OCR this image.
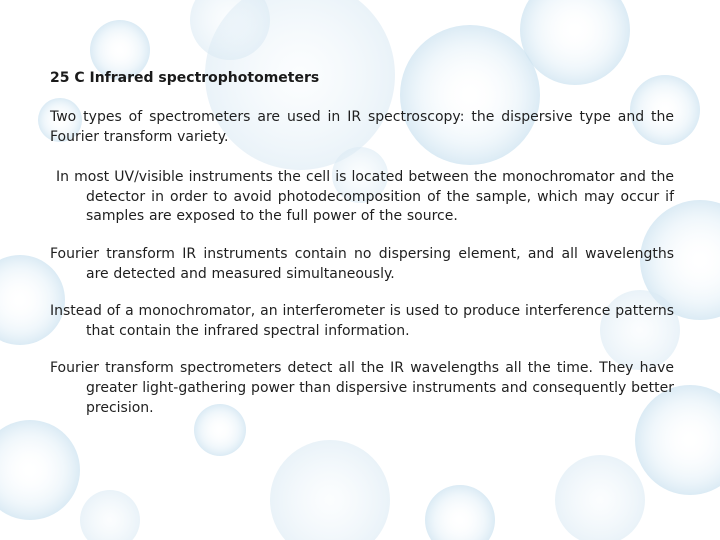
25 C Infrared spectrophotometers

Two types of spectrometers are used in IR spectroscopy: the dispersive type and the Fourier transform variety.

In most UV/visible instruments the cell is located between the monochromator and the detector in order to avoid photodecomposition of the sample, which may occur if samples are exposed to the full power of the source.

Fourier transform IR instruments contain no dispersing element, and all wavelengths are detected and measured simultaneously.

Instead of a monochromator, an interferometer is used to produce interference patterns that contain the infrared spectral information.

Fourier transform spectrometers detect all the IR wavelengths all the time. They have greater light-gathering power than dispersive instruments and consequently better precision.
